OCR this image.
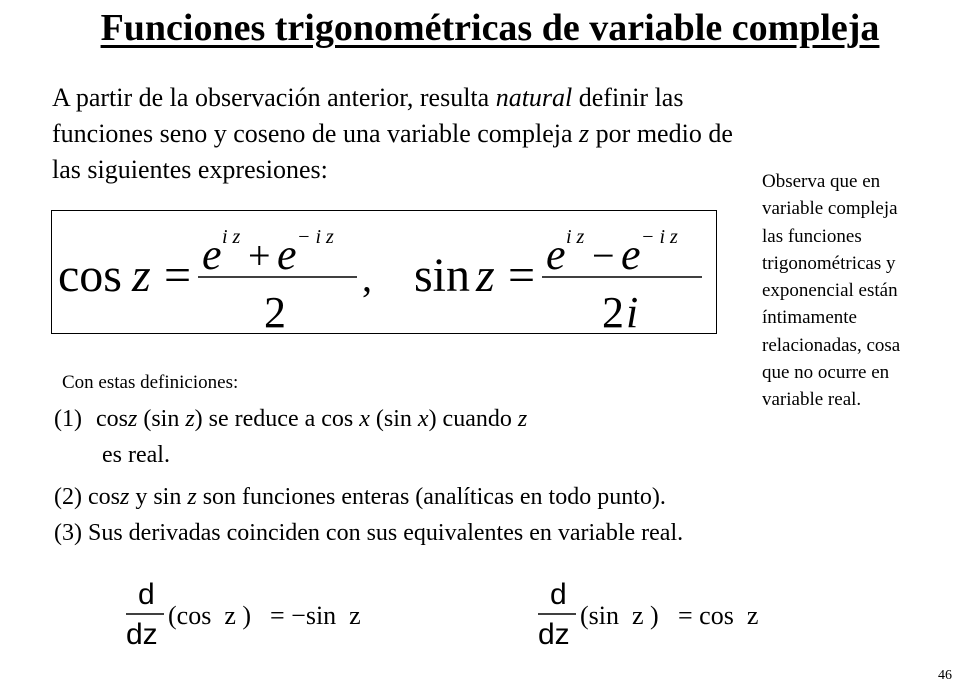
Funciones trigonométricas de variable compleja
A partir de la observación anterior, resulta natural definir las
funciones seno y coseno de una variable compleja z por medio de
las siguientes expresiones:
cos z = e i z + e − i z
2
, sin z = e i z − e − i z
2 i
Observa que en
variable compleja
las funciones
trigonométricas y
exponencial están
íntimamente
relacionadas, cosa
que no ocurre en
variable real.
Con estas definiciones:
(1) cosz (sin z) se reduce a cos x (sin x) cuando z
es real.
(2) cosz y sin z son funciones enteras (analíticas en todo punto).
(3) Sus derivadas coinciden con sus equivalentes en variable real.
d
dz
(cos  z ) = −sin  z
d
dz
(sin  z ) = cos  z
46
